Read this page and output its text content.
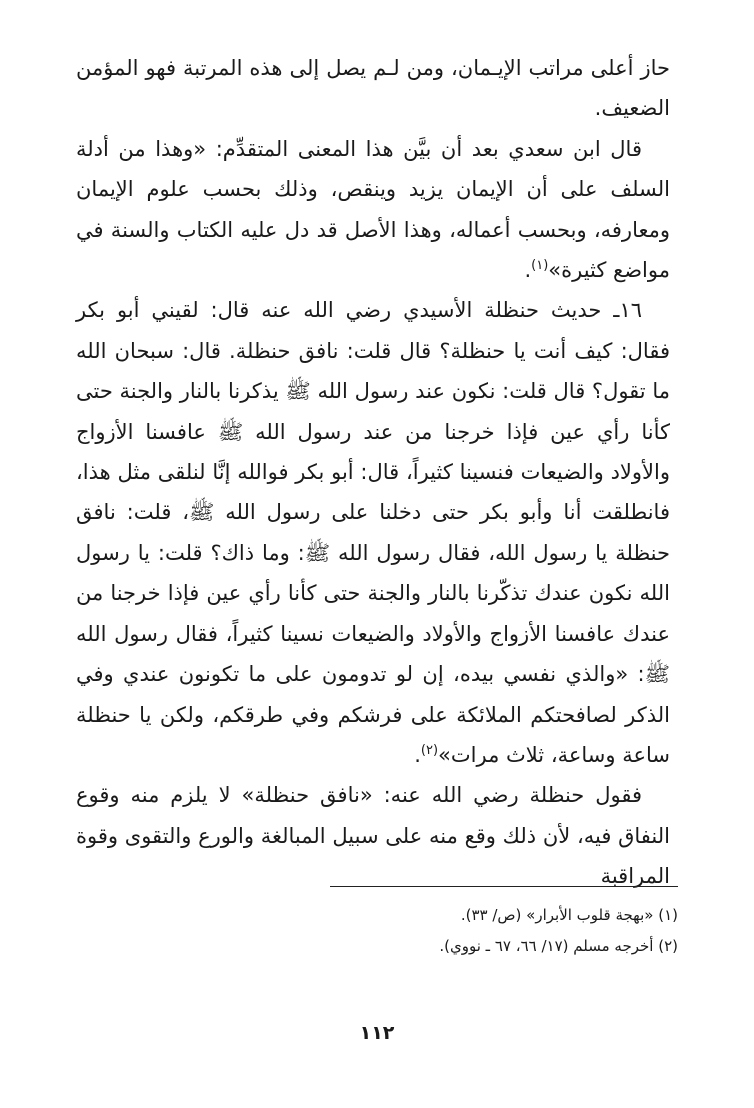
حاز أعلى مراتب الإيـمان، ومن لـم يصل إلى هذه المرتبة فهو المؤمن الضعيف.

قال ابن سعدي بعد أن بيَّن هذا المعنى المتقدِّم: «وهذا من أدلة السلف على أن الإيمان يزيد وينقص، وذلك بحسب علوم الإيمان ومعارفه، وبحسب أعماله، وهذا الأصل قد دل عليه الكتاب والسنة في مواضع كثيرة»$^{(١)}$.

١٦ـ حديث حنظلة الأسيدي رضي الله عنه قال: لقيني أبو بكر فقال: كيف أنت يا حنظلة؟ قال قلت: نافق حنظلة. قال: سبحان الله ما تقول؟ قال قلت: نكون عند رسول الله ﷺ يذكرنا بالنار والجنة حتى كأنا رأي عين فإذا خرجنا من عند رسول الله ﷺ عافسنا الأزواج والأولاد والضيعات فنسينا كثيراً، قال: أبو بكر فوالله إنَّا لنلقى مثل هذا، فانطلقت أنا وأبو بكر حتى دخلنا على رسول الله ﷺ، قلت: نافق حنظلة يا رسول الله، فقال رسول الله ﷺ: وما ذاك؟ قلت: يا رسول الله نكون عندك تذكّرنا بالنار والجنة حتى كأنا رأي عين فإذا خرجنا من عندك عافسنا الأزواج والأولاد والضيعات نسينا كثيراً، فقال رسول الله ﷺ: «والذي نفسي بيده، إن لو تدومون على ما تكونون عندي وفي الذكر لصافحتكم الملائكة على فرشكم وفي طرقكم، ولكن يا حنظلة ساعة وساعة، ثلاث مرات»$^{(٢)}$.

فقول حنظلة رضي الله عنه: «نافق حنظلة» لا يلزم منه وقوع النفاق فيه، لأن ذلك وقع منه على سبيل المبالغة والورع والتقوى وقوة المراقبة

(١) «بهجة قلوب الأبرار» (ص/ ٣٣).

(٢) أخرجه مسلم (١٧/ ٦٦، ٦٧ ـ نووي).

١١٢
